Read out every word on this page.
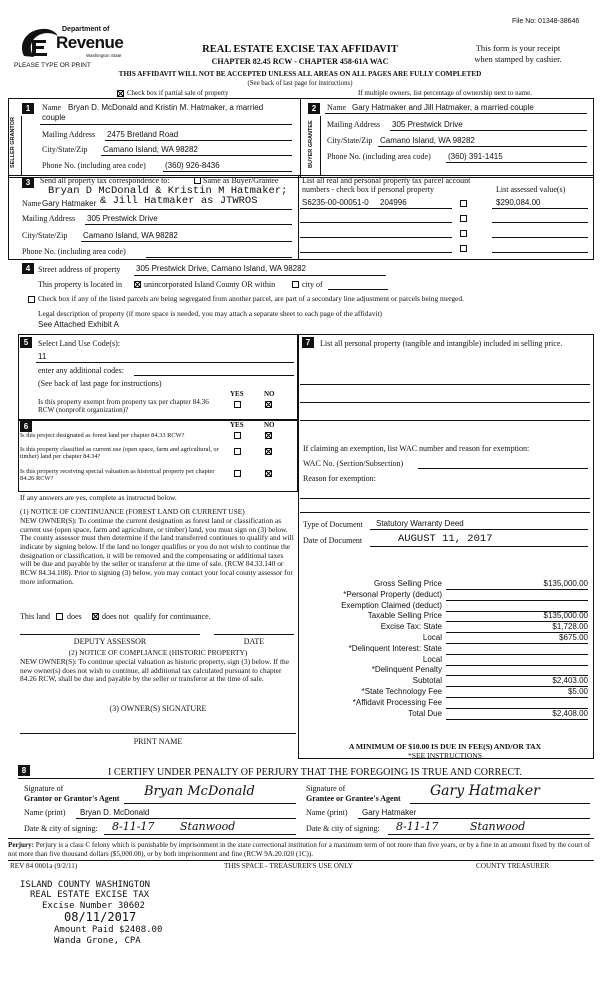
File No: 01348-38646
Department of
Revenue
Washington State
PLEASE TYPE OR PRINT
REAL ESTATE EXCISE TAX AFFIDAVIT
CHAPTER 82.45 RCW - CHAPTER 458-61A WAC
This form is your receipt
when stamped by cashier.
THIS AFFIDAVIT WILL NOT BE ACCEPTED UNLESS ALL AREAS ON ALL PAGES ARE FULLY COMPLETED
(See back of last page for instructions)
Check box if partial sale of property	If multiple owners, list percentage of ownership next to name.
1
SELLER GRANTOR
Name Bryan D. McDonald and Kristin M. Hatmaker, a married
couple
Mailing Address 2475 Bretland Road
City/State/Zip Camano Island, WA 98282
Phone No. (including area code) (360) 926-8436
2
BUYER GRANTEE
Name Gary Hatmaker and Jill Hatmaker, a married couple
Mailing Address 305 Prestwick Drive
City/State/Zip Camano Island, WA 98282
Phone No. (including area code) (360) 391-1415
3	Send all property tax correspondence to:	Same as Buyer/Grantee
Bryan D McDonald & Kristin M Hatmaker;
Name Gary Hatmaker & Jill Hatmaker as JTWROS
Mailing Address 305 Prestwick Drive
City/State/Zip Camano Island, WA 98282
Phone No. (including area code)
List all real and personal property tax parcel account
numbers - check box if personal property	List assessed value(s)
S6235-00-00051-0 204996	$290,084.00
4 Street address of property 305 Prestwick Drive, Camano Island, WA 98282
This property is located in	unincorporated Island County OR within	city of
Check box if any of the listed parcels are being segregated from another parcel, are part of a secondary line adjustment or parcels being merged.
Legal description of property (if more space is needed, you may attach a separate sheet to each page of the affidavit)
See Attached Exhibit A
5	Select Land Use Code(s):
11
enter any additional codes:
(See back of last page for instructions)
YES	NO
Is this property exempt from property tax per chapter 84.36 RCW (nonprofit organization)?
6	YES	NO
Is this project designated as forest land per chapter 84.33 RCW?
Is this property classified as current use (open space, farm and agricultural, or timber) land per chapter 84.34?
Is this property receiving special valuation as historical property per chapter 84.26 RCW?
If any answers are yes, complete as instructed below.
(1) NOTICE OF CONTINUANCE (FOREST LAND OR CURRENT USE)
NEW OWNER(S): To continue the current designation as forest land or classification as current use (open space, farm and agriculture, or timber) land, you must sign on (3) below. The county assessor must then determine if the land transferred continues to qualify and will indicate by signing below. If the land no longer qualifies or you do not wish to continue the designation or classification, it will be removed and the compensating or additional taxes will be due and payable by the seller or transferor at the time of sale. (RCW 84.33.140 or RCW 84.34.108). Prior to signing (3) below, you may contact your local county assessor for more information.
This land does	does not qualify for continuance.
DEPUTY ASSESSOR	DATE
(2) NOTICE OF COMPLIANCE (HISTORIC PROPERTY)
NEW OWNER(S): To continue special valuation as historic property, sign (3) below. If the new owner(s) does not wish to continue, all additional tax calculated pursuant to chapter 84.26 RCW, shall be due and payable by the seller or transferor at the time of sale.
(3) OWNER(S) SIGNATURE
PRINT NAME
7	List all personal property (tangible and intangible) included in selling price.
If claiming an exemption, list WAC number and reason for exemption:
WAC No. (Section/Subsection)
Reason for exemption:
Type of Document Statutory Warranty Deed
Date of Document	AUGUST 11, 2017
Gross Selling Price	$135,000.00
*Personal Property (deduct)
Exemption Claimed (deduct)
Taxable Selling Price	$135,000.00
Excise Tax: State	$1,728.00
Local	$675.00
*Delinquent Interest: State
Local
*Delinquent Penalty
Subtotal	$2,403.00
*State Technology Fee	$5.00
*Affidavit Processing Fee
Total Due	$2,408.00
A MINIMUM OF $10.00 IS DUE IN FEE(S) AND/OR TAX
*SEE INSTRUCTIONS
8	I CERTIFY UNDER PENALTY OF PERJURY THAT THE FOREGOING IS TRUE AND CORRECT.
Signature of
Grantor or Grantor's Agent Bryan McDonald
Name (print) Bryan D. McDonald
Date & city of signing: 8-11-17 Stanwood
Signature of
Grantee or Grantee's Agent Gary Hatmaker
Name (print) Gary Hatmaker
Date & city of signing: 8-11-17	Stanwood
Perjury: Perjury is a class C felony which is punishable by imprisonment in the state correctional institution for a maximum term of not more than five years, or by a fine in an amount fixed by the court of not more than five thousand dollars ($5,000.00), or by both imprisonment and fine (RCW 9A.20.020 (1C)).
REV 84 0001a (9/2/11)	THIS SPACE - TREASURER'S USE ONLY	COUNTY TREASURER
ISLAND COUNTY WASHINGTON
REAL ESTATE EXCISE TAX
Excise Number 30602
08/11/2017
Amount Paid $2408.00
Wanda Grone, CPA
